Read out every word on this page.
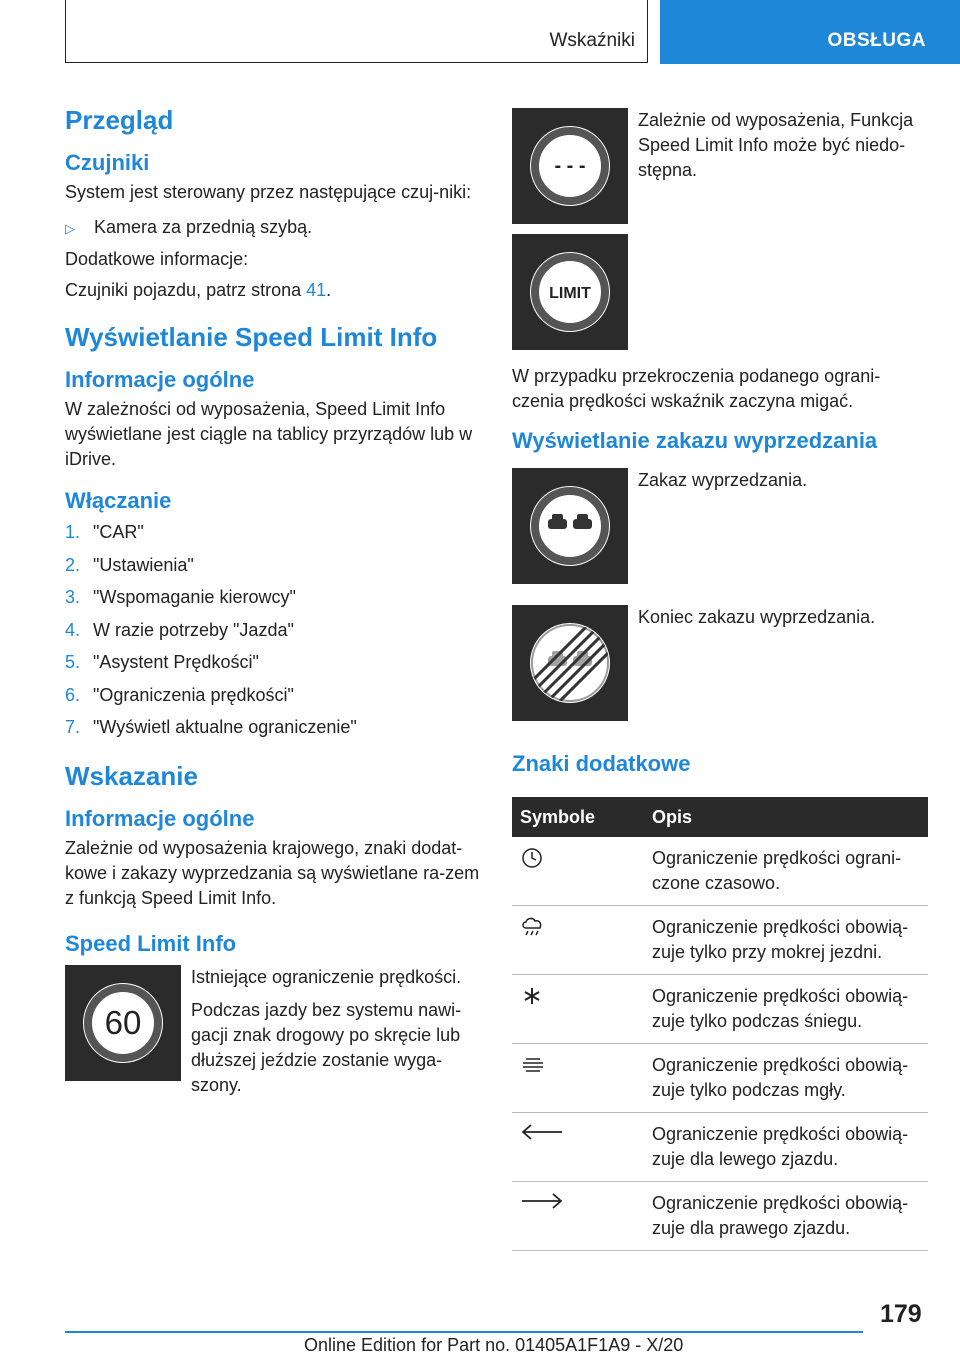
Wskaźniki	OBSŁUGA
Przegląd
Czujniki

System jest sterowany przez następujące czuj-niki:

▷	Kamera za przednią szybą.

Dodatkowe informacje:

Czujniki pojazdu, patrz strona 41.

Wyświetlanie Speed Limit Info
Informacje ogólne

W zależności od wyposażenia, Speed Limit Info wyświetlane jest ciągle na tablicy przyrządów lub w iDrive.

Włączanie
1. "CAR"
2. "Ustawienia"
3. "Wspomaganie kierowcy"
4. W razie potrzeby "Jazda"
5. "Asystent Prędkości"
6. "Ograniczenia prędkości"
7. "Wyświetl aktualne ograniczenie"
Wskazanie
Informacje ogólne

Zależnie od wyposażenia krajowego, znaki dodat-kowe i zakazy wyprzedzania są wyświetlane ra-zem z funkcją Speed Limit Info.

Speed Limit Info
60

Istniejące ograniczenie prędkości.

Podczas jazdy bez systemu nawi-gacji znak drogowy po skręcie lub dłuższej jeździe zostanie wyga-szony.

- - -

Zależnie od wyposażenia, Funkcja Speed Limit Info może być niedo-stępna.

LIMIT

W przypadku przekroczenia podanego ograni-czenia prędkości wskaźnik zaczyna migać.

Wyświetlanie zakazu wyprzedzania

Zakaz wyprzedzania.

Koniec zakazu wyprzedzania.

Znaki dodatkowe
Symbole	Opis
	Ograniczenie prędkości ograni-czone czasowo.
	Ograniczenie prędkości obowią-zuje tylko przy mokrej jezdni.
	Ograniczenie prędkości obowią-zuje tylko podczas śniegu.
	Ograniczenie prędkości obowią-zuje tylko podczas mgły.
	Ograniczenie prędkości obowią-zuje dla lewego zjazdu.
	Ograniczenie prędkości obowią-zuje dla prawego zjazdu.
179
Online Edition for Part no. 01405A1F1A9 - X/20
